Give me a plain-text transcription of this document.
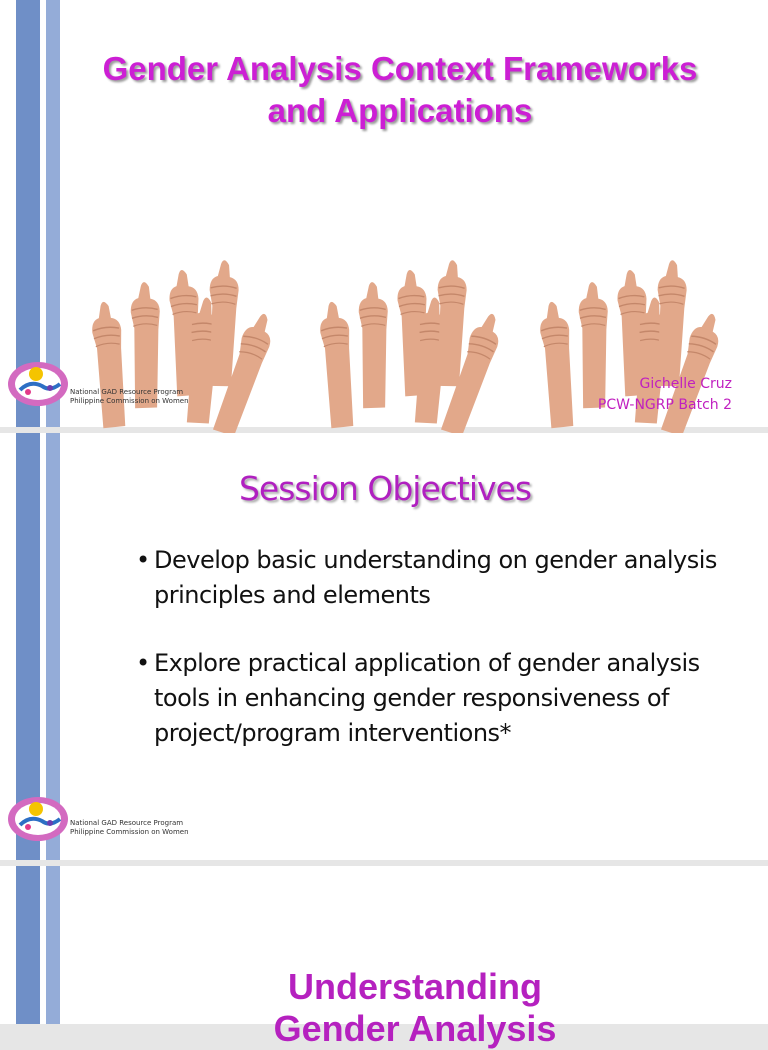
Gender Analysis Context Frameworks and Applications
National GAD Resource Program
Philippine Commission on Women
Gichelle Cruz
PCW-NGRP Batch 2
Session Objectives
• Develop basic understanding on gender analysis principles and elements
• Explore practical application of gender analysis tools in enhancing gender responsiveness of project/program interventions*
National GAD Resource Program
Philippine Commission on Women
Understanding
Gender Analysis
